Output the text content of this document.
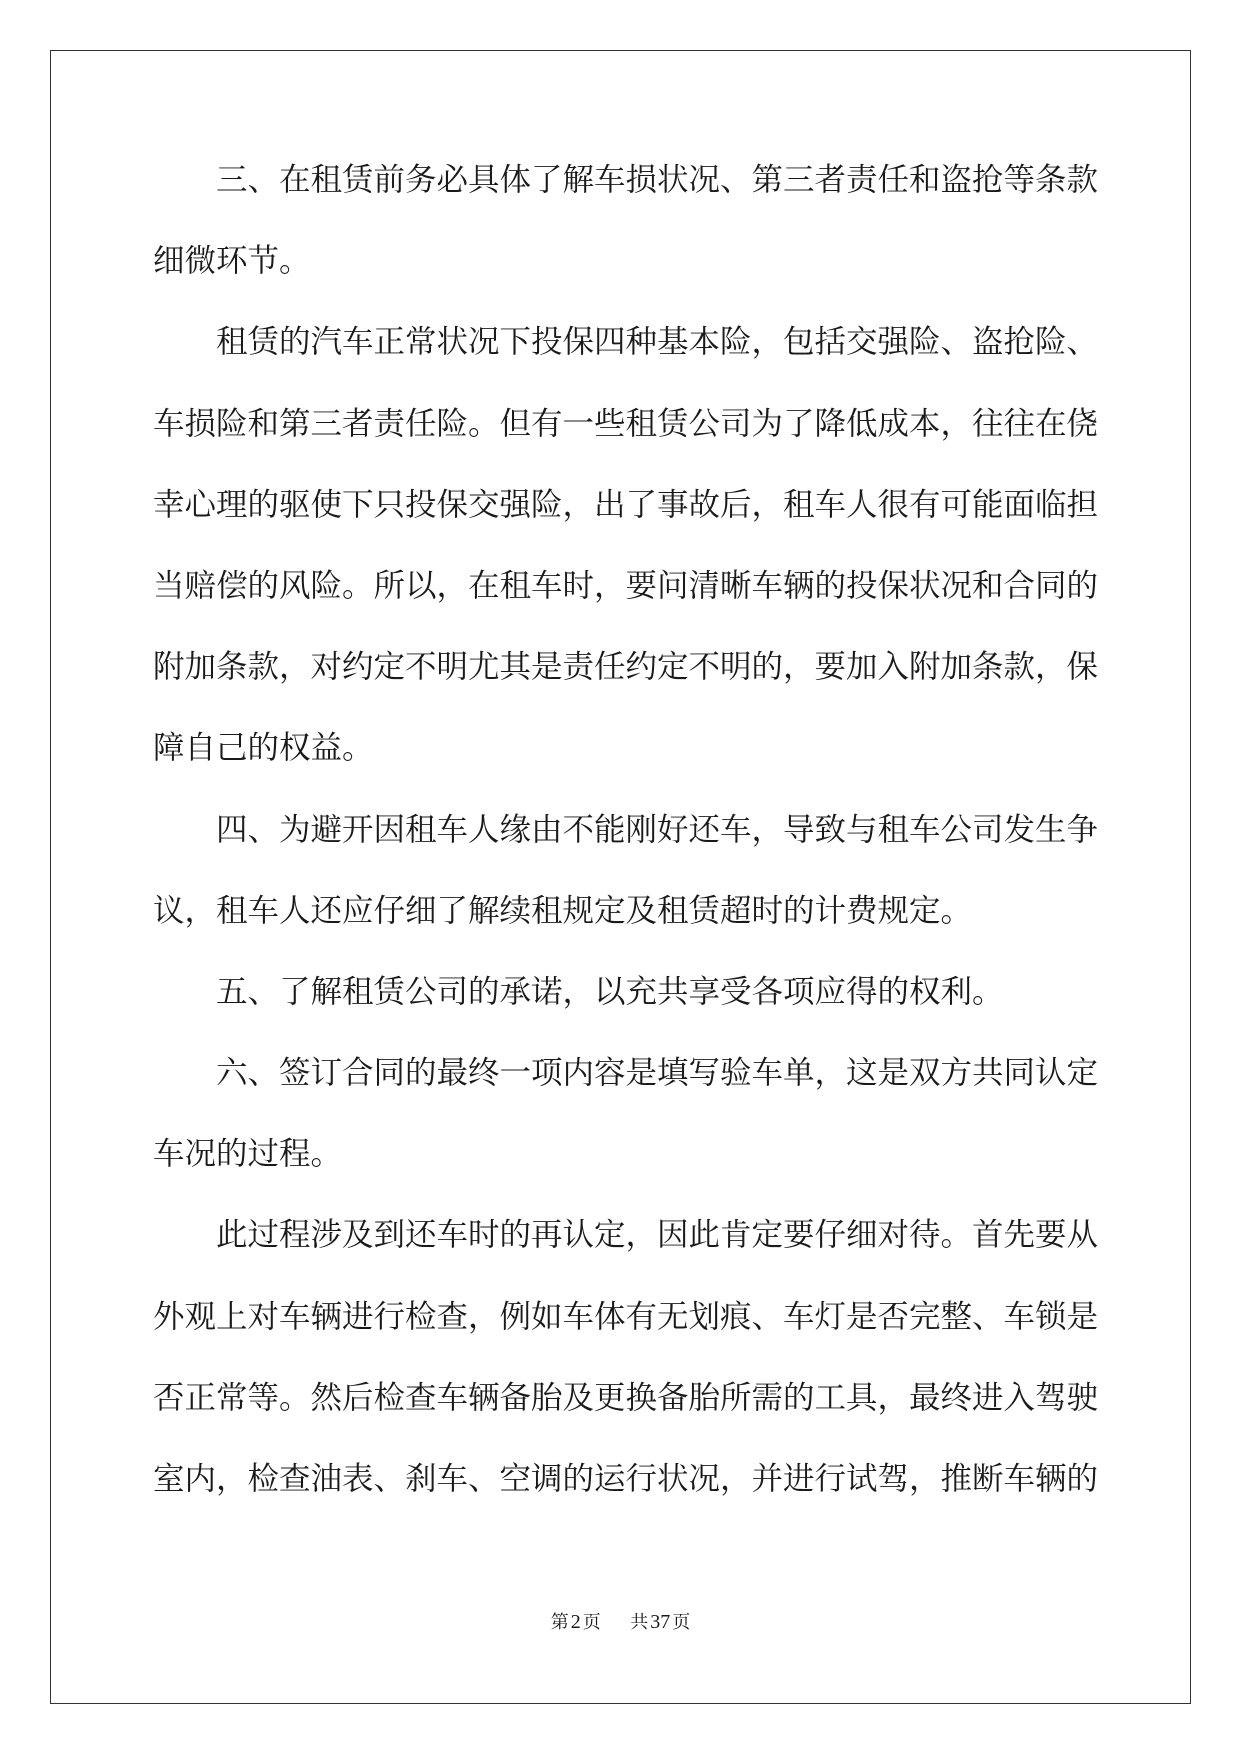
三、在租赁前务必具体了解车损状况、第三者责任和盗抢等条款
细微环节。
租赁的汽车正常状况下投保四种基本险，包括交强险、盗抢险、
车损险和第三者责任险。但有一些租赁公司为了降低成本，往往在侥
幸心理的驱使下只投保交强险，出了事故后，租车人很有可能面临担
当赔偿的风险。所以，在租车时，要问清晰车辆的投保状况和合同的
附加条款，对约定不明尤其是责任约定不明的，要加入附加条款，保
障自己的权益。
四、为避开因租车人缘由不能刚好还车，导致与租车公司发生争
议，租车人还应仔细了解续租规定及租赁超时的计费规定。
五、了解租赁公司的承诺，以充共享受各项应得的权利。
六、签订合同的最终一项内容是填写验车单，这是双方共同认定
车况的过程。
此过程涉及到还车时的再认定，因此肯定要仔细对待。首先要从
外观上对车辆进行检查，例如车体有无划痕、车灯是否完整、车锁是
否正常等。然后检查车辆备胎及更换备胎所需的工具，最终进入驾驶
室内，检查油表、刹车、空调的运行状况，并进行试驾，推断车辆的
第 2 页 共 37 页
